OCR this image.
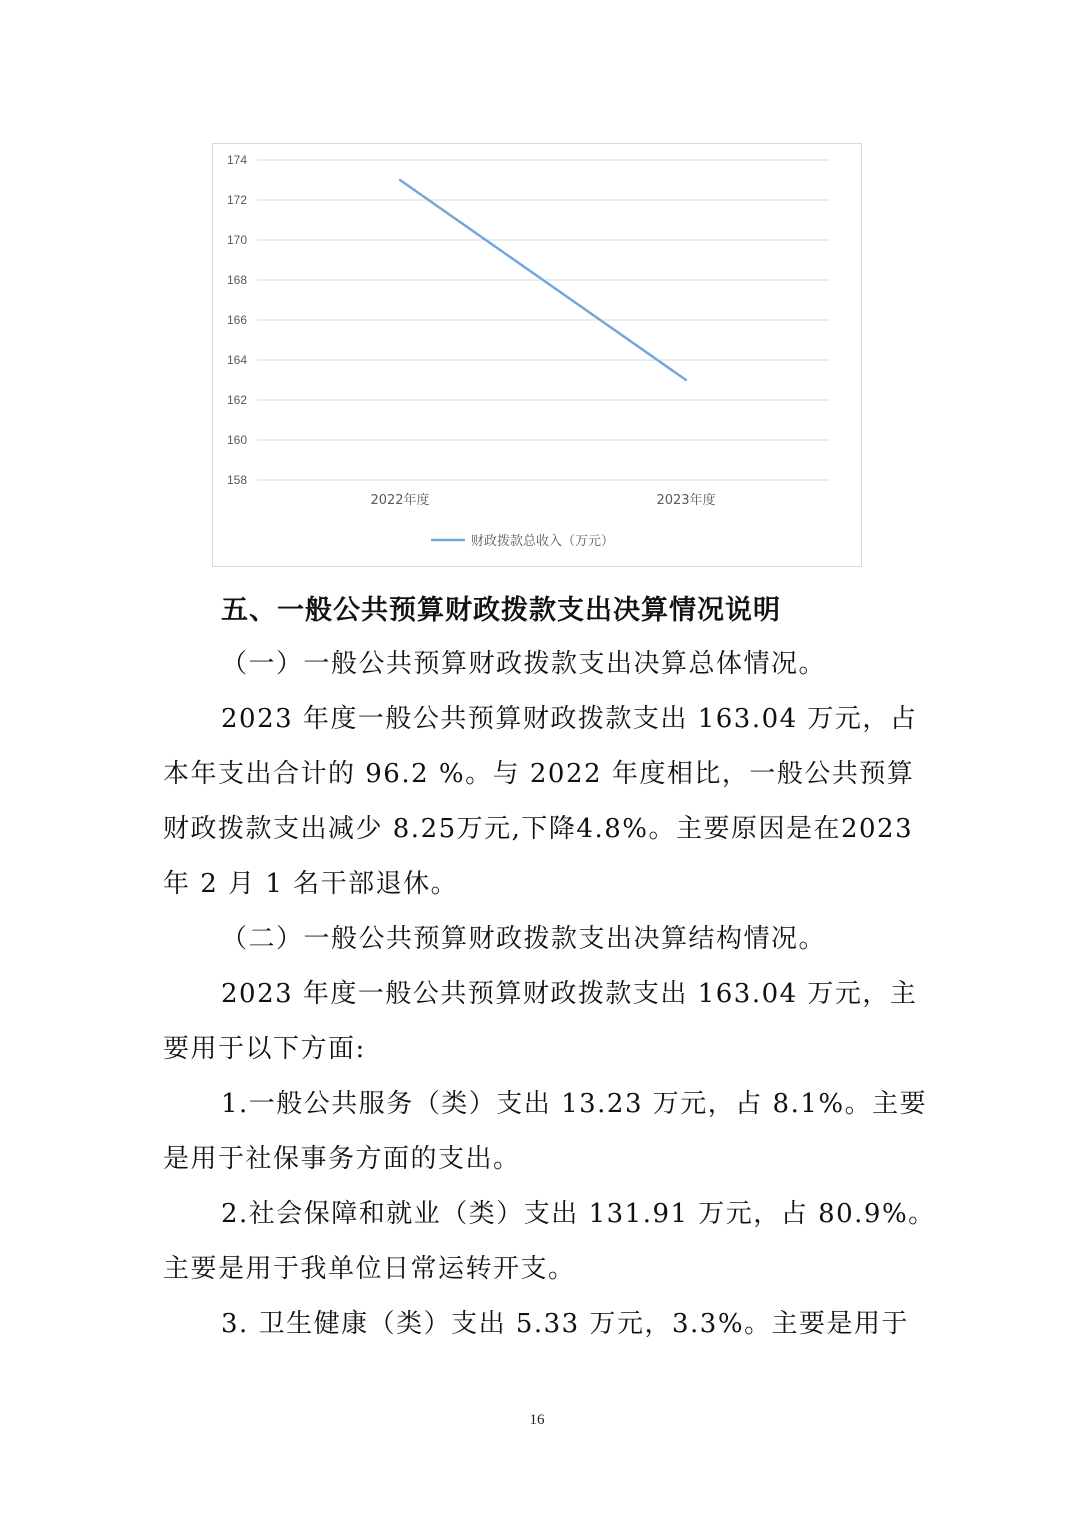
158
160
162
164
166
168
170
172
174
2022年度	2023年度
财政拨款总收入（万元）
五、一般公共预算财政拨款支出决算情况说明
（一）一般公共预算财政拨款支出决算总体情况。
2023 年度一般公共预算财政拨款支出 163.04 万元，占
本年支出合计的 96.2 %。与 2022 年度相比，一般公共预算
财政拨款支出减少 8.25万元,下降4.8%。主要原因是在2023
年 2 月 1 名干部退休。
（二）一般公共预算财政拨款支出决算结构情况。
2023 年度一般公共预算财政拨款支出 163.04 万元，主
要用于以下方面:
1.一般公共服务（类）支出 13.23 万元，占 8.1%。主要
是用于社保事务方面的支出。
2.社会保障和就业（类）支出 131.91 万元，占 80.9%。
主要是用于我单位日常运转开支。
3. 卫生健康（类）支出 5.33 万元，3.3%。主要是用于
16
